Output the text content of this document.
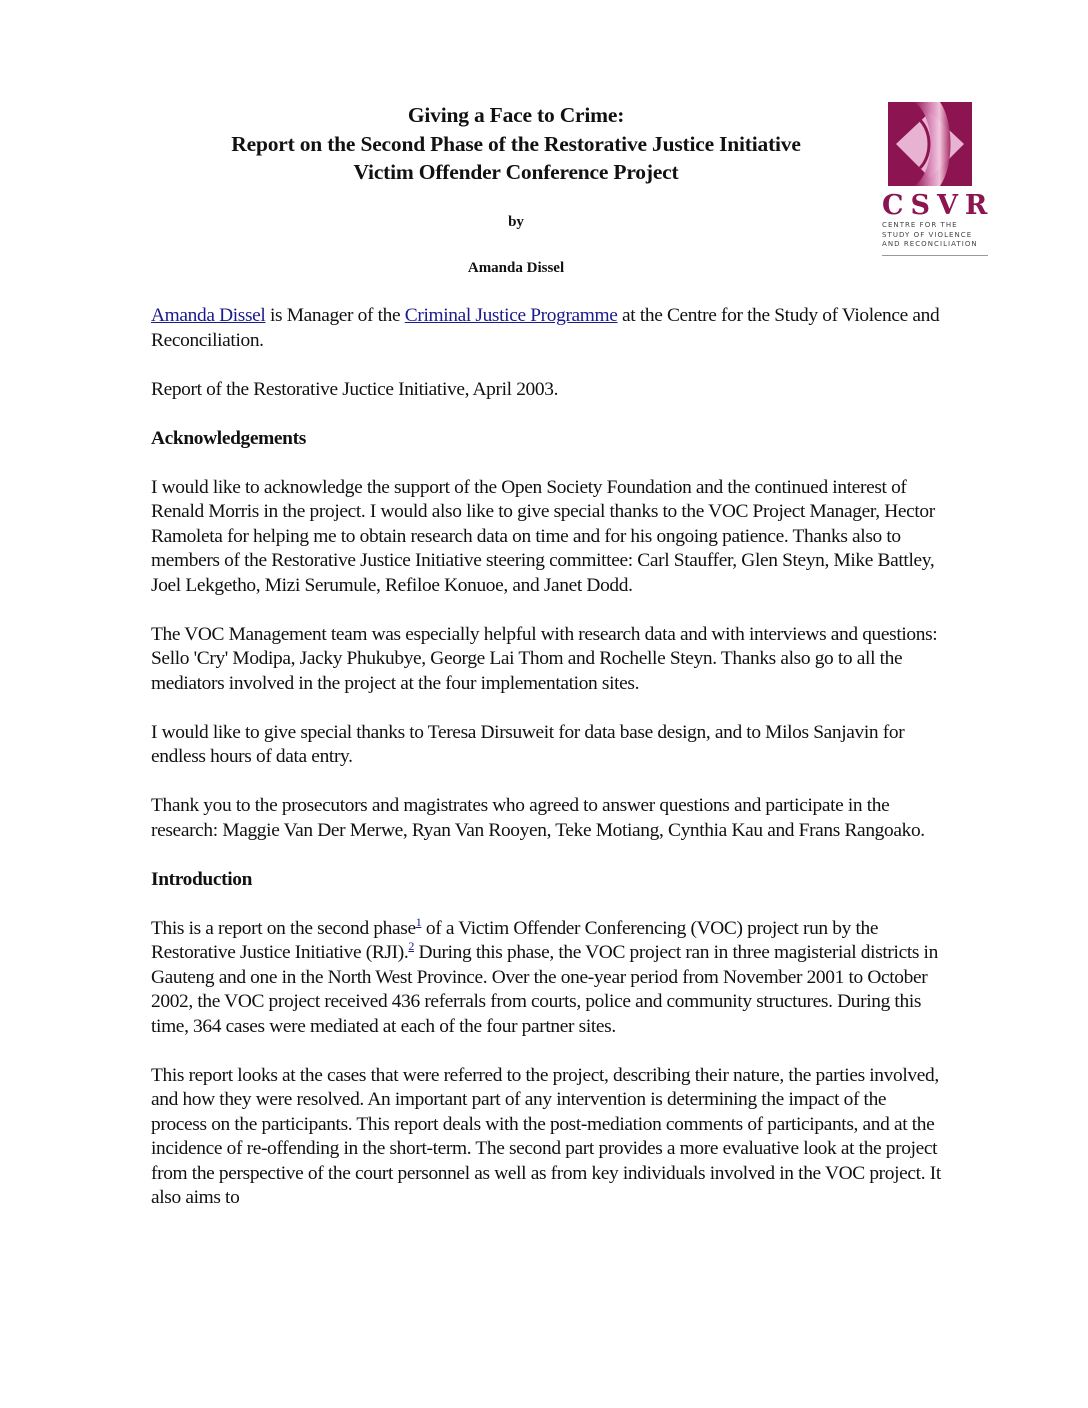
Giving a Face to Crime:
Report on the Second Phase of the Restorative Justice Initiative
Victim Offender Conference Project
by
Amanda Dissel
CSVR
CENTRE FOR THE
STUDY OF VIOLENCE
AND RECONCILIATION

Amanda Dissel is Manager of the Criminal Justice Programme at the Centre for the Study of Violence and Reconciliation.

Report of the Restorative Juctice Initiative, April 2003.

Acknowledgements

I would like to acknowledge the support of the Open Society Foundation and the continued interest of Renald Morris in the project. I would also like to give special thanks to the VOC Project Manager, Hector Ramoleta for helping me to obtain research data on time and for his ongoing patience. Thanks also to members of the Restorative Justice Initiative steering committee: Carl Stauffer, Glen Steyn, Mike Battley, Joel Lekgetho, Mizi Serumule, Refiloe Konuoe, and Janet Dodd.

The VOC Management team was especially helpful with research data and with interviews and questions: Sello 'Cry' Modipa, Jacky Phukubye, George Lai Thom and Rochelle Steyn. Thanks also go to all the mediators involved in the project at the four implementation sites.

I would like to give special thanks to Teresa Dirsuweit for data base design, and to Milos Sanjavin for endless hours of data entry.

Thank you to the prosecutors and magistrates who agreed to answer questions and participate in the research: Maggie Van Der Merwe, Ryan Van Rooyen, Teke Motiang, Cynthia Kau and Frans Rangoako.

Introduction

This is a report on the second phase$^1$ of a Victim Offender Conferencing (VOC) project run by the Restorative Justice Initiative (RJI).$^2$ During this phase, the VOC project ran in three magisterial districts in Gauteng and one in the North West Province. Over the one-year period from November 2001 to October 2002, the VOC project received 436 referrals from courts, police and community structures. During this time, 364 cases were mediated at each of the four partner sites.

This report looks at the cases that were referred to the project, describing their nature, the parties involved, and how they were resolved. An important part of any intervention is determining the impact of the process on the participants. This report deals with the post-mediation comments of participants, and at the incidence of re-offending in the short-term. The second part provides a more evaluative look at the project from the perspective of the court personnel as well as from key individuals involved in the VOC project. It also aims to
